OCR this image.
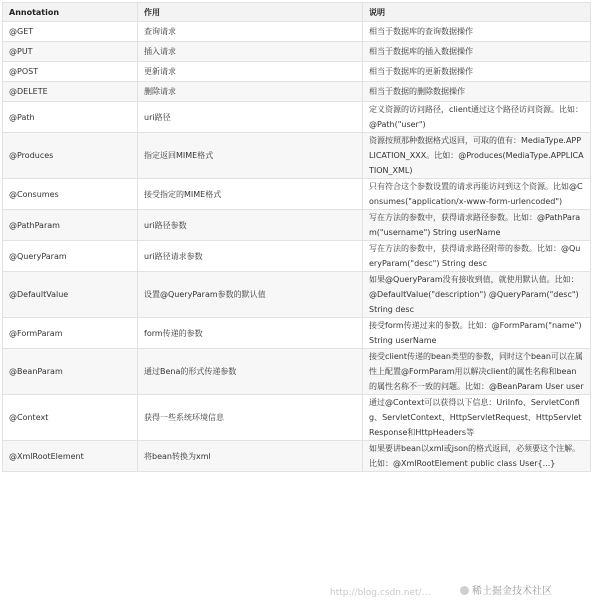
Annotation	作用	说明
@GET	查询请求	相当于数据库的查询数据操作
@PUT	插入请求	相当于数据库的插入数据操作
@POST	更新请求	相当于数据库的更新数据操作
@DELETE	删除请求	相当于数据的删除数据操作
@Path	uri路径	定义资源的访问路径，client通过这个路径访问资源。比如：@Path("user")
@Produces	指定返回MIME格式	资源按照那种数据格式返回，可取的值有：MediaType.APPLICATION_XXX。比如：@Produces(MediaType.APPLICATION_XML)
@Consumes	接受指定的MIME格式	只有符合这个参数设置的请求再能访问到这个资源。比如@Consumes("application/x-www-form-urlencoded")
@PathParam	uri路径参数	写在方法的参数中，获得请求路径参数。比如：@PathParam("username") String userName
@QueryParam	uri路径请求参数	写在方法的参数中，获得请求路径附带的参数。比如：@QueryParam("desc") String desc
@DefaultValue	设置@QueryParam参数的默认值	如果@QueryParam没有接收到值，就使用默认值。比如：@DefaultValue("description") @QueryParam("desc") String desc
@FormParam	form传递的参数	接受form传递过来的参数。比如：@FormParam("name") String userName
@BeanParam	通过Bena的形式传递参数	接受client传递的bean类型的参数，同时这个bean可以在属性上配置@FormParam用以解决client的属性名称和bean的属性名称不一致的问题。比如：@BeanParam User user
@Context	获得一些系统环境信息	通过@Context可以获得以下信息：UriInfo、ServletConfig、ServletContext、HttpServletRequest、HttpServletResponse和HttpHeaders等
@XmlRootElement	将bean转换为xml	如果要讲bean以xml或json的格式返回，必须要这个注解。比如：@XmlRootElement public class User{...}
http://blog.csdn.net/…	稀土掘金技术社区
